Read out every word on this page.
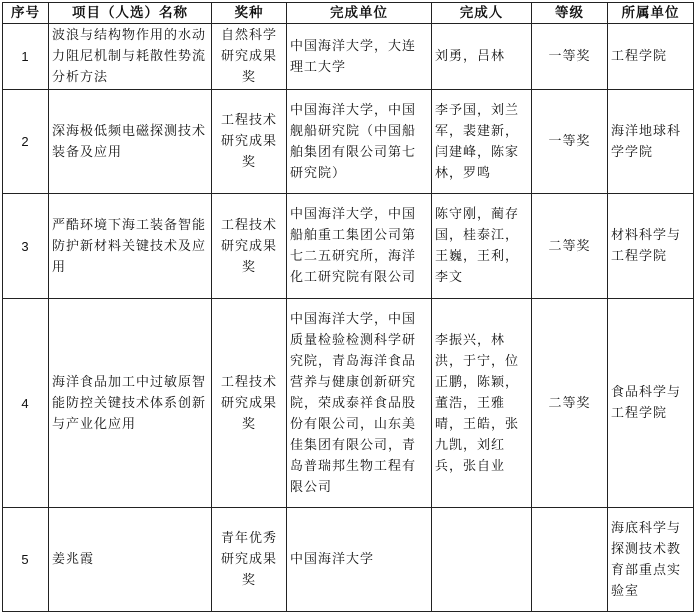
序号	项目（人选）名称	奖种	完成单位	完成人	等级	所属单位
1	波浪与结构物作用的水动力阻尼机制与耗散性势流分析方法	自然科学研究成果奖	中国海洋大学，大连理工大学	刘勇，吕林	一等奖	工程学院
2	深海极低频电磁探测技术装备及应用	工程技术研究成果奖	中国海洋大学，中国舰船研究院（中国船舶集团有限公司第七研究院）	李予国，刘兰军，裴建新，闫建峰，陈家林，罗鸣	一等奖	海洋地球科学学院
3	严酷环境下海工装备智能防护新材料关键技术及应用	工程技术研究成果奖	中国海洋大学，中国船舶重工集团公司第七二五研究所，海洋化工研究院有限公司	陈守刚，蔺存国，桂泰江，王巍，王利，李文	二等奖	材料科学与工程学院
4	海洋食品加工中过敏原智能防控关键技术体系创新与产业化应用	工程技术研究成果奖	中国海洋大学，中国质量检验检测科学研究院，青岛海洋食品营养与健康创新研究院，荣成泰祥食品股份有限公司，山东美佳集团有限公司，青岛普瑞邦生物工程有限公司	李振兴，林洪，于宁，位正鹏，陈颖，董浩，王雅晴，王皓，张九凯，刘红兵，张自业	二等奖	食品科学与工程学院
5	姜兆霞	青年优秀研究成果奖	中国海洋大学			海底科学与探测技术教育部重点实验室
